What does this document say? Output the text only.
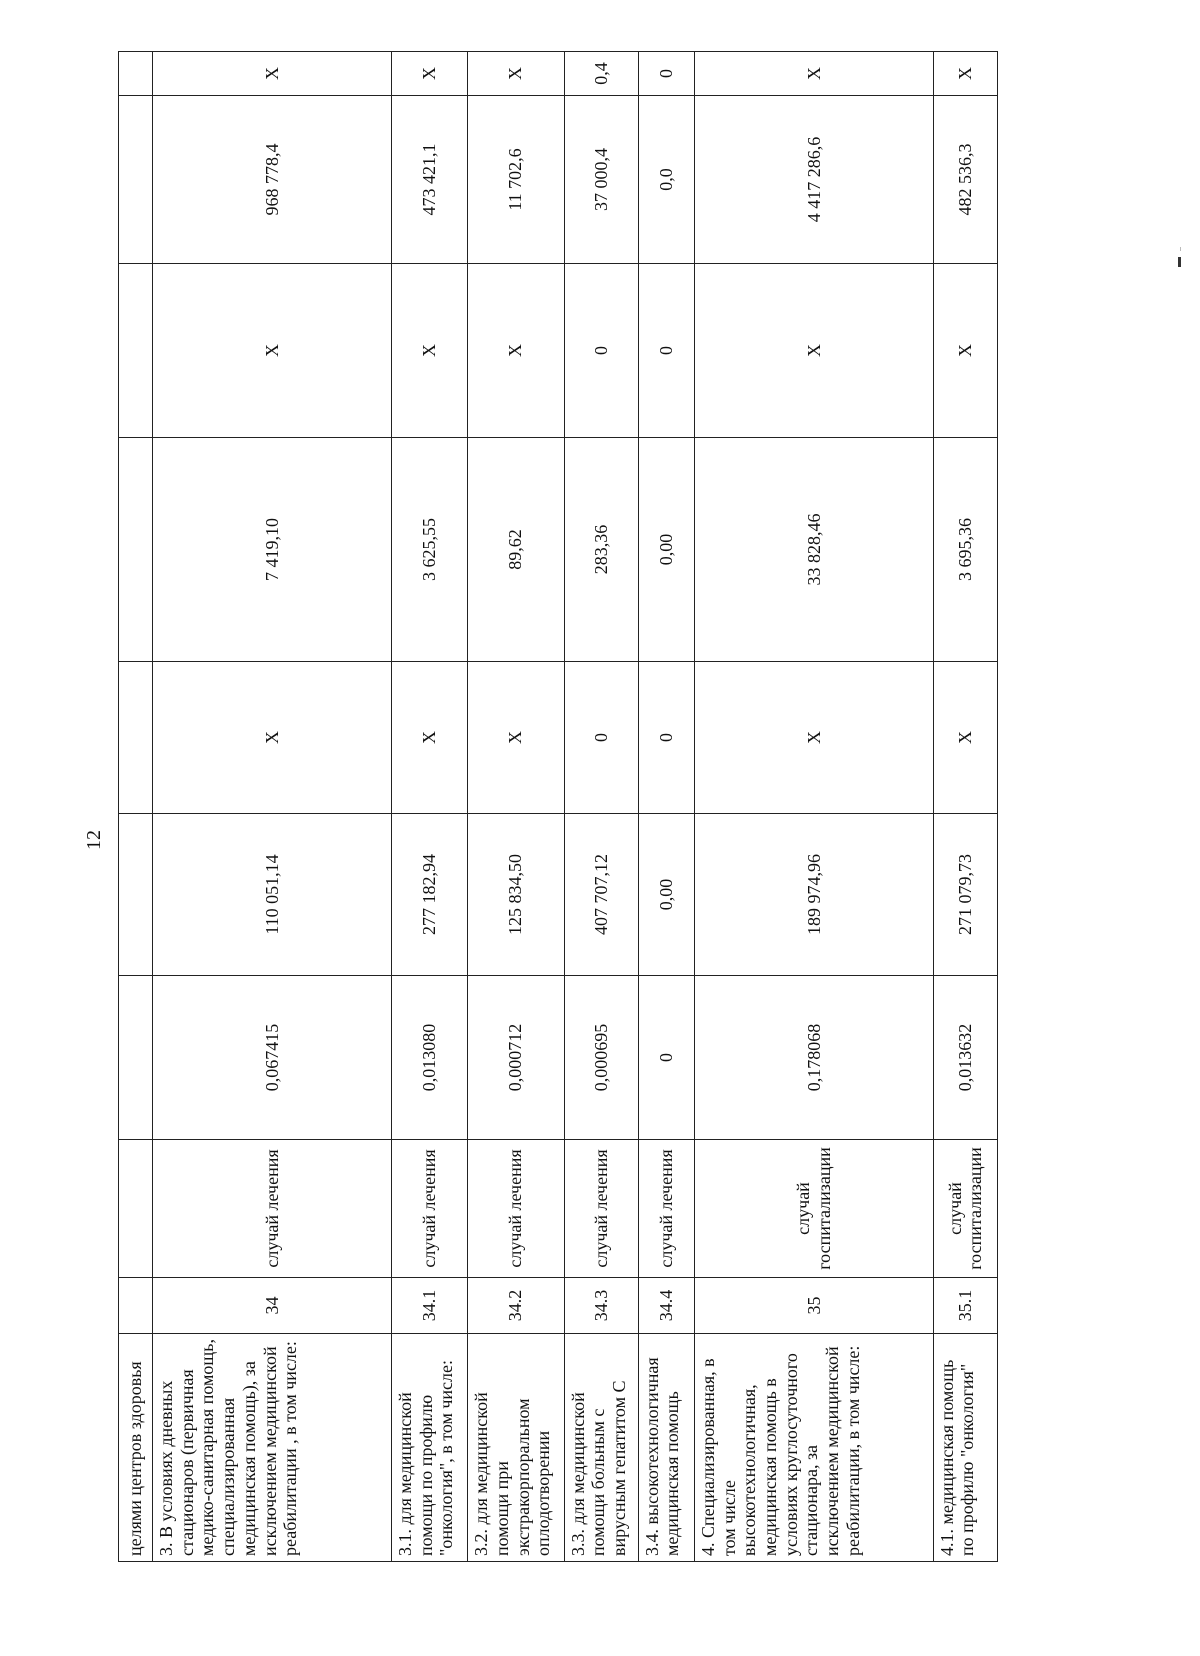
12
целями центров здоровья									
3. В условиях дневных стационаров (первичная медико-санитарная помощь, специализированная медицинская помощь), за исключением медицинской реабилитации , в том числе:	34	случай лечения	0,067415	110 051,14	X	7 419,10	X	968 778,4	X
3.1. для медицинской помощи по профилю "онкология", в том числе:	34.1	случай лечения	0,013080	277 182,94	X	3 625,55	X	473 421,1	X
3.2. для медицинской помощи при экстракорпоральном оплодотворении	34.2	случай лечения	0,000712	125 834,50	X	89,62	X	11 702,6	X
3.3. для медицинской помощи больным с вирусным гепатитом С	34.3	случай лечения	0,000695	407 707,12	0	283,36	0	37 000,4	0,4
3.4. высокотехнологичная медицинская помощь	34.4	случай лечения	0	0,00	0	0,00	0	0,0	0
4. Специализированная, в том числе высокотехнологичная, медицинская помощь в условиях круглосуточного стационара, за исключением медицинской реабилитации, в том числе:	35	случай госпитализации	0,178068	189 974,96	X	33 828,46	X	4 417 286,6	X
4.1. медицинская помощь по профилю "онкология"	35.1	случай госпитализации	0,013632	271 079,73	X	3 695,36	X	482 536,3	X
